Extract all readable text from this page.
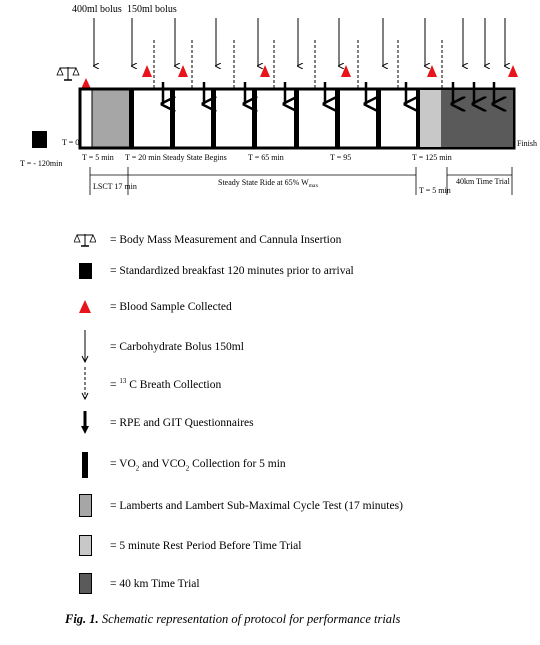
400ml bolus 150ml bolus
T = 0
T = - 120min
T = 5 min T = 20 min Steady State Begins	T = 65 min	T = 95	T = 125 min
Finish
LSCT 17 min	Steady State Ride at 65% $W_{max}$	T = 5 min
40km Time Trial
= Body Mass Measurement and Cannula Insertion
= Standardized breakfast 120 minutes prior to arrival
= Blood Sample Collected
= Carbohydrate Bolus 150ml
= $^{13}$ C Breath Collection
= RPE and GIT Questionnaires
= $VO_2$ and $VCO_2$ Collection for 5 min
= Lamberts and Lambert Sub-Maximal Cycle Test (17 minutes)
= 5 minute Rest Period Before Time Trial
= 40 km Time Trial
Fig. 1. Schematic representation of protocol for performance trials
